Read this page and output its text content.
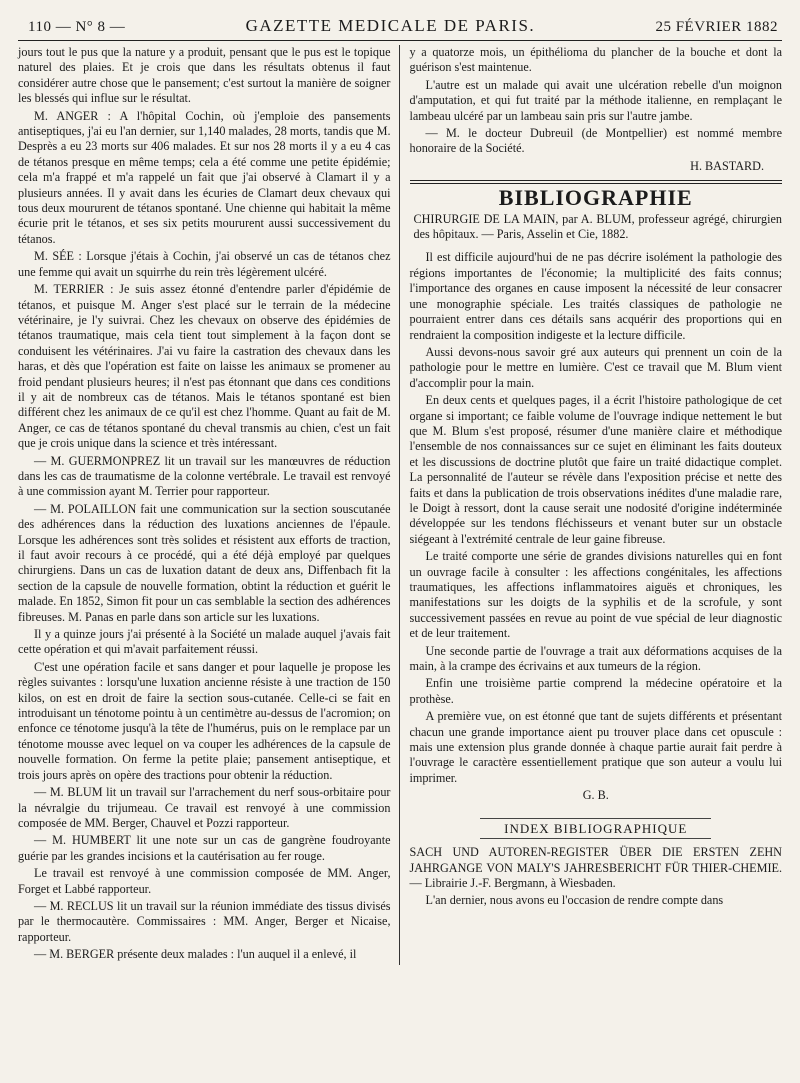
110 — N° 8 —	GAZETTE MEDICALE DE PARIS.	25 FÉVRIER 1882

jours tout le pus que la nature y a produit, pensant que le pus est le topique naturel des plaies. Et je crois que dans les résultats obtenus il faut considérer autre chose que le pansement; c'est surtout la manière de soigner les blessés qui influe sur le résultat.

M. ANGER : A l'hôpital Cochin, où j'emploie des pansements antiseptiques, j'ai eu l'an dernier, sur 1,140 malades, 28 morts, tandis que M. Desprès a eu 23 morts sur 406 malades. Et sur nos 28 morts il y a eu 4 cas de tétanos presque en même temps; cela a été comme une petite épidémie; cela m'a frappé et m'a rappelé un fait que j'ai observé à Clamart il y a plusieurs années. Il y avait dans les écuries de Clamart deux chevaux qui tous deux moururent de tétanos spontané. Une chienne qui habitait la même écurie prit le tétanos, et ses six petits moururent aussi successivement du tétanos.

M. SÉE : Lorsque j'étais à Cochin, j'ai observé un cas de tétanos chez une femme qui avait un squirrhe du rein très légèrement ulcéré.

M. TERRIER : Je suis assez étonné d'entendre parler d'épidémie de tétanos, et puisque M. Anger s'est placé sur le terrain de la médecine vétérinaire, je l'y suivrai. Chez les chevaux on observe des épidémies de tétanos traumatique, mais cela tient tout simplement à la façon dont se conduisent les vétérinaires. J'ai vu faire la castration des chevaux dans les haras, et dès que l'opération est faite on laisse les animaux se promener au froid pendant plusieurs heures; il n'est pas étonnant que dans ces conditions il y ait de nombreux cas de tétanos. Mais le tétanos spontané est bien différent chez les animaux de ce qu'il est chez l'homme. Quant au fait de M. Anger, ce cas de tétanos spontané du cheval transmis au chien, c'est un fait que je crois unique dans la science et très intéressant.

— M. GUERMONPREZ lit un travail sur les manœuvres de réduction dans les cas de traumatisme de la colonne vertébrale. Le travail est renvoyé à une commission ayant M. Terrier pour rapporteur.

— M. POLAILLON fait une communication sur la section souscutanée des adhérences dans la réduction des luxations anciennes de l'épaule. Lorsque les adhérences sont très solides et résistent aux efforts de traction, il faut avoir recours à ce procédé, qui a été déjà employé par quelques chirurgiens. Dans un cas de luxation datant de deux ans, Diffenbach fit la section de la capsule de nouvelle formation, obtint la réduction et guérit le malade. En 1852, Simon fit pour un cas semblable la section des adhérences fibreuses. M. Panas en parle dans son article sur les luxations.

Il y a quinze jours j'ai présenté à la Société un malade auquel j'avais fait cette opération et qui m'avait parfaitement réussi.

C'est une opération facile et sans danger et pour laquelle je propose les règles suivantes : lorsqu'une luxation ancienne résiste à une traction de 150 kilos, on est en droit de faire la section sous-cutanée. Celle-ci se fait en introduisant un ténotome pointu à un centimètre au-dessus de l'acromion; on enfonce ce ténotome jusqu'à la tête de l'humérus, puis on le remplace par un ténotome mousse avec lequel on va couper les adhérences de la capsule de nouvelle formation. On ferme la petite plaie; pansement antiseptique, et trois jours après on opère des tractions pour obtenir la réduction.

— M. BLUM lit un travail sur l'arrachement du nerf sous-orbitaire pour la névralgie du trijumeau. Ce travail est renvoyé à une commission composée de MM. Berger, Chauvel et Pozzi rapporteur.

— M. HUMBERT lit une note sur un cas de gangrène foudroyante guérie par les grandes incisions et la cautérisation au fer rouge.

Le travail est renvoyé à une commission composée de MM. Anger, Forget et Labbé rapporteur.

— M. RECLUS lit un travail sur la réunion immédiate des tissus divisés par le thermocautère. Commissaires : MM. Anger, Berger et Nicaise, rapporteur.

— M. BERGER présente deux malades : l'un auquel il a enlevé, il

y a quatorze mois, un épithélioma du plancher de la bouche et dont la guérison s'est maintenue.

L'autre est un malade qui avait une ulcération rebelle d'un moignon d'amputation, et qui fut traité par la méthode italienne, en remplaçant le lambeau ulcéré par un lambeau sain pris sur l'autre jambe.

— M. le docteur Dubreuil (de Montpellier) est nommé membre honoraire de la Société.

H. BASTARD.
BIBLIOGRAPHIE

CHIRURGIE DE LA MAIN, par A. BLUM, professeur agrégé, chirurgien des hôpitaux. — Paris, Asselin et Cie, 1882.

Il est difficile aujourd'hui de ne pas décrire isolément la pathologie des régions importantes de l'économie; la multiplicité des faits connus; l'importance des organes en cause imposent la nécessité de leur consacrer une monographie spéciale. Les traités classiques de pathologie ne pourraient entrer dans ces détails sans acquérir des proportions qui en rendraient la composition indigeste et la lecture difficile.

Aussi devons-nous savoir gré aux auteurs qui prennent un coin de la pathologie pour le mettre en lumière. C'est ce travail que M. Blum vient d'accomplir pour la main.

En deux cents et quelques pages, il a écrit l'histoire pathologique de cet organe si important; ce faible volume de l'ouvrage indique nettement le but que M. Blum s'est proposé, résumer d'une manière claire et méthodique l'ensemble de nos connaissances sur ce sujet en éliminant les faits douteux et les discussions de doctrine plutôt que faire un traité didactique complet. La personnalité de l'auteur se révèle dans l'exposition précise et nette des faits et dans la publication de trois observations inédites d'une maladie rare, le Doigt à ressort, dont la cause serait une nodosité d'origine indéterminée développée sur les tendons fléchisseurs et venant buter sur un obstacle siégeant à l'extrémité centrale de leur gaine fibreuse.

Le traité comporte une série de grandes divisions naturelles qui en font un ouvrage facile à consulter : les affections congénitales, les affections traumatiques, les affections inflammatoires aiguës et chroniques, les manifestations sur les doigts de la syphilis et de la scrofule, y sont successivement passées en revue au point de vue spécial de leur diagnostic et de leur traitement.

Une seconde partie de l'ouvrage a trait aux déformations acquises de la main, à la crampe des écrivains et aux tumeurs de la région.

Enfin une troisième partie comprend la médecine opératoire et la prothèse.

A première vue, on est étonné que tant de sujets différents et présentant chacun une grande importance aient pu trouver place dans cet opuscule : mais une extension plus grande donnée à chaque partie aurait fait perdre à l'ouvrage le caractère essentiellement pratique que son auteur a voulu lui imprimer.

G. B.

INDEX BIBLIOGRAPHIQUE

SACH UND AUTOREN-REGISTER ÜBER DIE ERSTEN ZEHN JAHRGANGE VON MALY'S JAHRESBERICHT FÜR THIER-CHEMIE. — Librairie J.-F. Bergmann, à Wiesbaden.

L'an dernier, nous avons eu l'occasion de rendre compte dans
